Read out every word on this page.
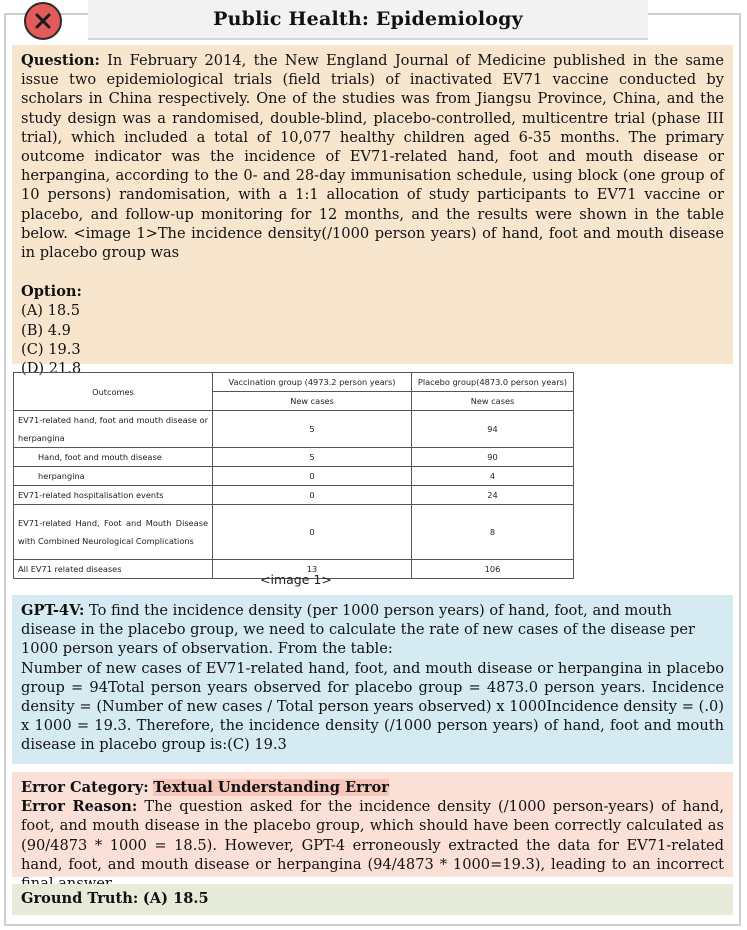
Public Health: Epidemiology

Question: In February 2014, the New England Journal of Medicine published in the same issue two epidemiological trials (field trials) of inactivated EV71 vaccine conducted by scholars in China respectively. One of the studies was from Jiangsu Province, China, and the study design was a randomised, double-blind, placebo-controlled, multicentre trial (phase III trial), which included a total of 10,077 healthy children aged 6-35 months. The primary outcome indicator was the incidence of EV71-related hand, foot and mouth disease or herpangina, according to the 0- and 28-day immunisation schedule, using block (one group of 10 persons) randomisation, with a 1:1 allocation of study participants to EV71 vaccine or placebo, and follow-up monitoring for 12 months, and the results were shown in the table below. <image 1>The incidence density(/1000 person years) of hand, foot and mouth disease in placebo group was

Option:

(A) 18.5

(B) 4.9

(C) 19.3

(D) 21.8

Outcomes	Vaccination group (4973.2 person years)	Placebo group(4873.0 person years)
	New cases	New cases
EV71-related hand, foot and mouth disease or herpangina	5	94
Hand, foot and mouth disease	5	90
herpangina	0	4
EV71-related hospitalisation events	0	24
EV71-related Hand, Foot and Mouth Disease with Combined Neurological Complications	0	8
All EV71 related diseases	13	106
<image 1>
GPT-4V: To find the incidence density (per 1000 person years) of hand, foot, and mouth disease in the placebo group, we need to calculate the rate of new cases of the disease per 1000 person years of observation. From the table:
Number of new cases of EV71-related hand, foot, and mouth disease or herpangina in placebo group = 94Total person years observed for placebo group = 4873.0 person years. Incidence density = (Number of new cases / Total person years observed) x 1000Incidence density = (.0) x 1000 = 19.3. Therefore, the incidence density (/1000 person years) of hand, foot and mouth disease in placebo group is:(C) 19.3
Error Category: Textual Understanding Error
Error Reason: The question asked for the incidence density (/1000 person-years) of hand, foot, and mouth disease in the placebo group, which should have been correctly calculated as (90/4873 * 1000 = 18.5). However, GPT-4 erroneously extracted the data for EV71-related hand, foot, and mouth disease or herpangina (94/4873 * 1000=19.3), leading to an incorrect
Ground Truth: (A) 18.5
